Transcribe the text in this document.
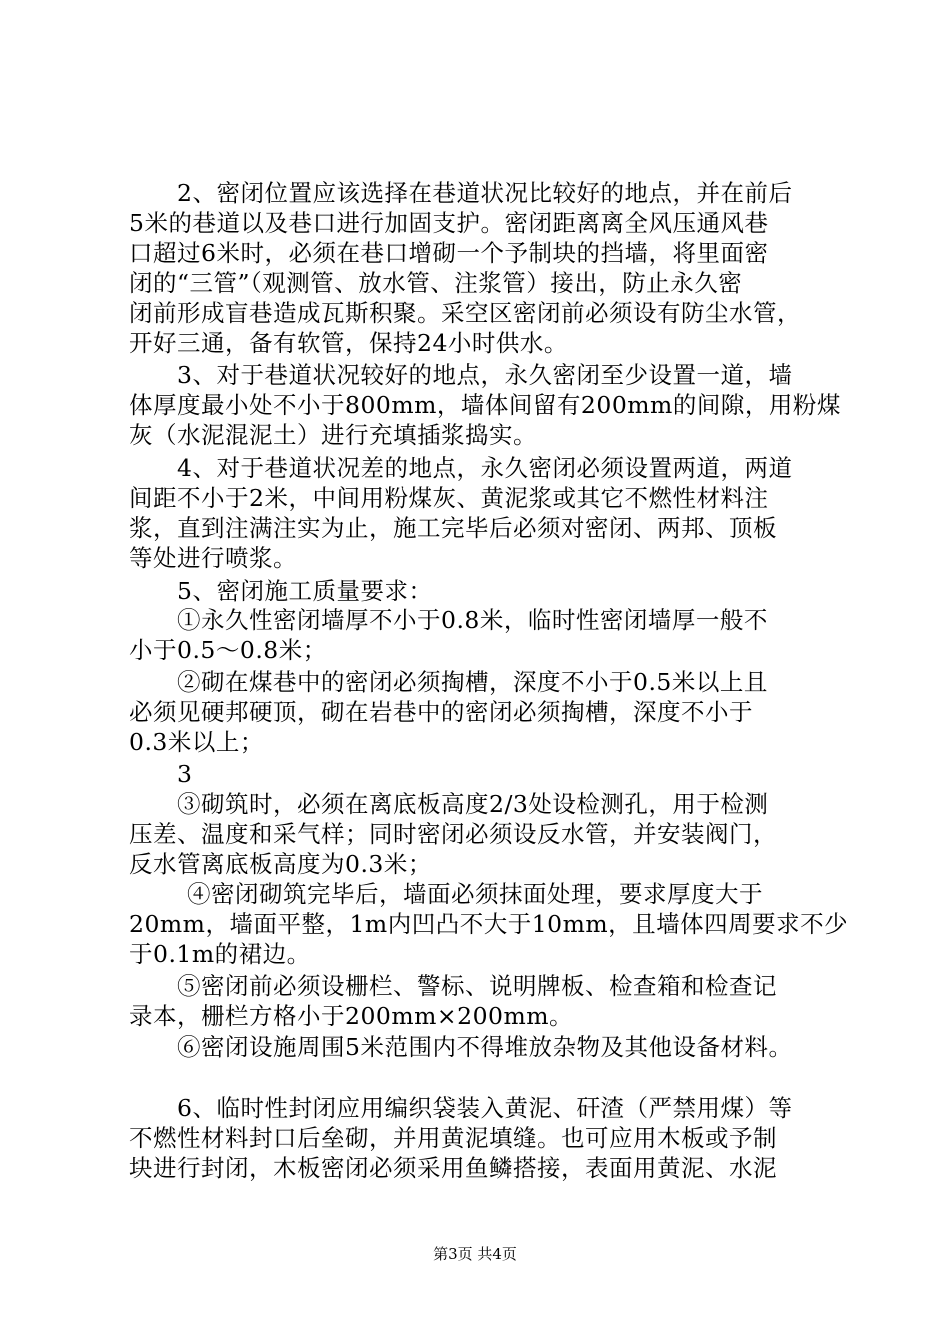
2、密闭位置应该选择在巷道状况比较好的地点，并在前后
5米的巷道以及巷口进行加固支护。密闭距离离全风压通风巷
口超过6米时，必须在巷口增砌一个予制块的挡墙，将里面密
闭的“三管”（观测管、放水管、注浆管）接出，防止永久密
闭前形成盲巷造成瓦斯积聚。采空区密闭前必须设有防尘水管，
开好三通，备有软管，保持24小时供水。
3、对于巷道状况较好的地点，永久密闭至少设置一道，墙
体厚度最小处不小于800mm，墙体间留有200mm的间隙，用粉煤
灰（水泥混泥土）进行充填插浆捣实。
4、对于巷道状况差的地点，永久密闭必须设置两道，两道
间距不小于2米，中间用粉煤灰、黄泥浆或其它不燃性材料注
浆，直到注满注实为止，施工完毕后必须对密闭、两邦、顶板
等处进行喷浆。
5、密闭施工质量要求：
①永久性密闭墙厚不小于0.8米，临时性密闭墙厚一般不
小于0.5～0.8米；
②砌在煤巷中的密闭必须掏槽，深度不小于0.5米以上且
必须见硬邦硬顶，砌在岩巷中的密闭必须掏槽，深度不小于
0.3米以上；
3
③砌筑时，必须在离底板高度2/3处设检测孔，用于检测
压差、温度和采气样；同时密闭必须设反水管，并安装阀门，
反水管离底板高度为0.3米；
④密闭砌筑完毕后，墙面必须抹面处理，要求厚度大于
20mm，墙面平整，1m内凹凸不大于10mm，且墙体四周要求不少
于0.1m的裙边。
⑤密闭前必须设栅栏、警标、说明牌板、检查箱和检查记
录本，栅栏方格小于200mm×200mm。
⑥密闭设施周围5米范围内不得堆放杂物及其他设备材料。
6、临时性封闭应用编织袋装入黄泥、矸渣（严禁用煤）等
不燃性材料封口后垒砌，并用黄泥填缝。也可应用木板或予制
块进行封闭，木板密闭必须采用鱼鳞搭接，表面用黄泥、水泥
第3页 共4页
